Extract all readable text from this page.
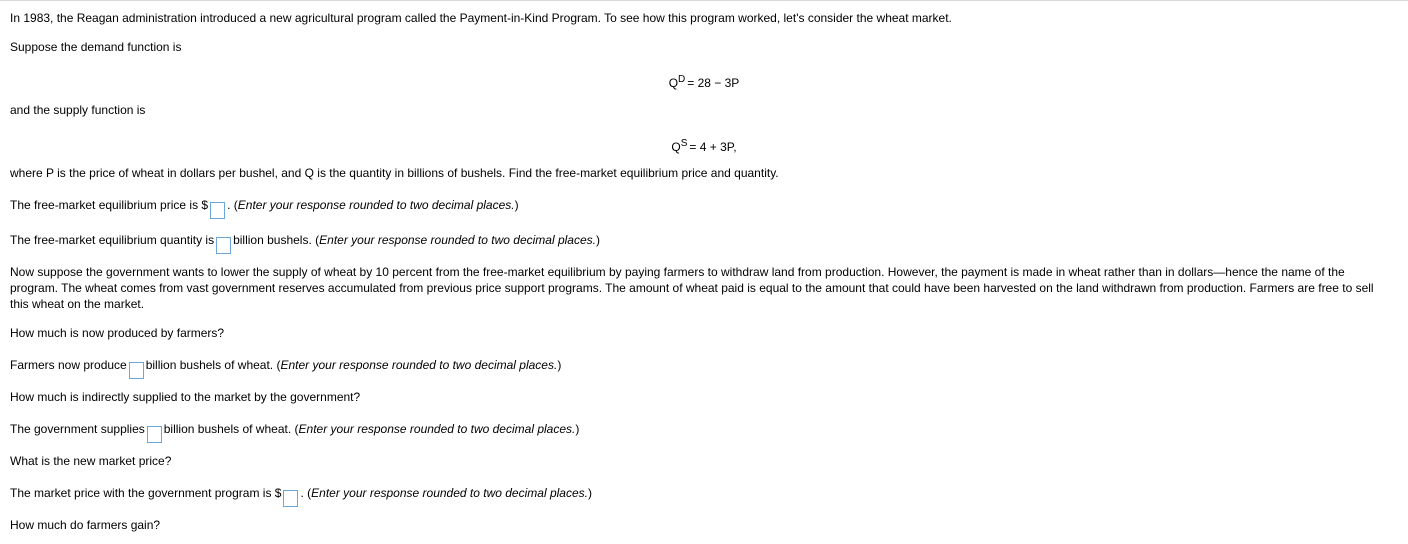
In 1983, the Reagan administration introduced a new agricultural program called the Payment-in-Kind Program. To see how this program worked, let's consider the wheat market.
Suppose the demand function is
$Q^D = 28 - 3P$
and the supply function is
$Q^S = 4 + 3P$,
where P is the price of wheat in dollars per bushel, and Q is the quantity in billions of bushels. Find the free-market equilibrium price and quantity.
The free-market equilibrium price is $ . (Enter your response rounded to two decimal places.)
The free-market equilibrium quantity is billion bushels. (Enter your response rounded to two decimal places.)
Now suppose the government wants to lower the supply of wheat by 10 percent from the free-market equilibrium by paying farmers to withdraw land from production. However, the payment is made in wheat rather than in dollars—hence the name of the program. The wheat comes from vast government reserves accumulated from previous price support programs. The amount of wheat paid is equal to the amount that could have been harvested on the land withdrawn from production. Farmers are free to sell this wheat on the market.
How much is now produced by farmers?
Farmers now produce billion bushels of wheat. (Enter your response rounded to two decimal places.)
How much is indirectly supplied to the market by the government?
The government supplies billion bushels of wheat. (Enter your response rounded to two decimal places.)
What is the new market price?
The market price with the government program is $ . (Enter your response rounded to two decimal places.)
How much do farmers gain?
